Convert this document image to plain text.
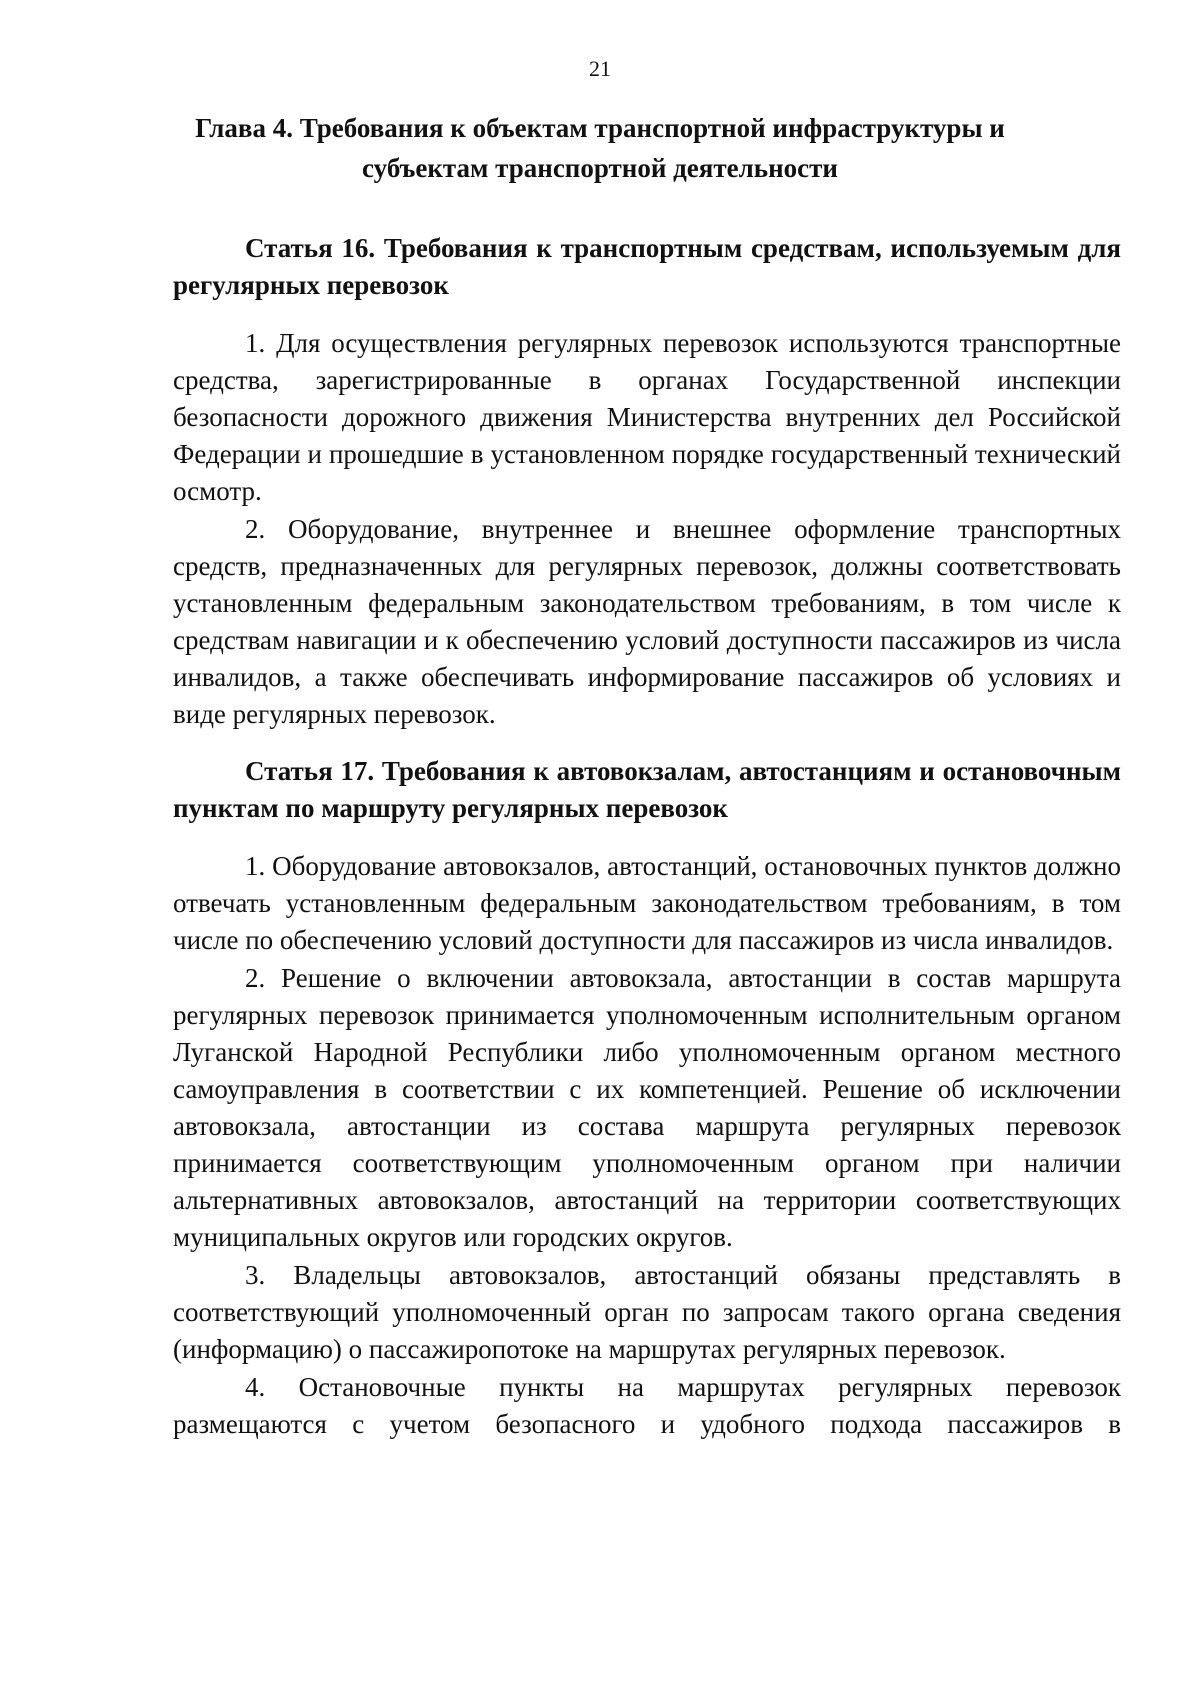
21
Глава 4. Требования к объектам транспортной инфраструктуры и субъектам транспортной деятельности

Статья 16. Требования к транспортным средствам, используемым для регулярных перевозок

1. Для осуществления регулярных перевозок используются транспортные средства, зарегистрированные в органах Государственной инспекции безопасности дорожного движения Министерства внутренних дел Российской Федерации и прошедшие в установленном порядке государственный технический осмотр.

2. Оборудование, внутреннее и внешнее оформление транспортных средств, предназначенных для регулярных перевозок, должны соответствовать установленным федеральным законодательством требованиям, в том числе к средствам навигации и к обеспечению условий доступности пассажиров из числа инвалидов, а также обеспечивать информирование пассажиров об условиях и виде регулярных перевозок.

Статья 17. Требования к автовокзалам, автостанциям и остановочным пунктам по маршруту регулярных перевозок

1. Оборудование автовокзалов, автостанций, остановочных пунктов должно отвечать установленным федеральным законодательством требованиям, в том числе по обеспечению условий доступности для пассажиров из числа инвалидов.

2. Решение о включении автовокзала, автостанции в состав маршрута регулярных перевозок принимается уполномоченным исполнительным органом Луганской Народной Республики либо уполномоченным органом местного самоуправления в соответствии с их компетенцией. Решение об исключении автовокзала, автостанции из состава маршрута регулярных перевозок принимается соответствующим уполномоченным органом при наличии альтернативных автовокзалов, автостанций на территории соответствующих муниципальных округов или городских округов.

3. Владельцы автовокзалов, автостанций обязаны представлять в соответствующий уполномоченный орган по запросам такого органа сведения (информацию) о пассажиропотоке на маршрутах регулярных перевозок.

4. Остановочные пункты на маршрутах регулярных перевозок размещаются с учетом безопасного и удобного подхода пассажиров в
